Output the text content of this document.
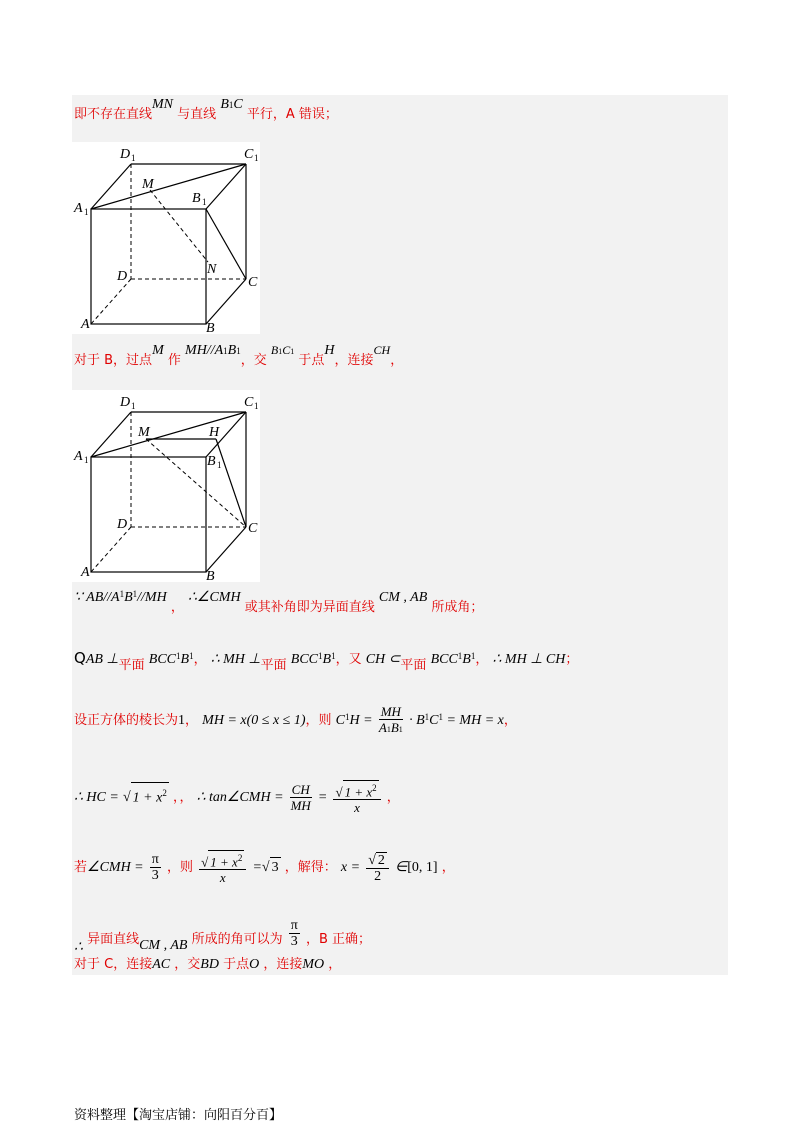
即不存在直线MN 与直线 B1C 平行，A 错误；
D 1	C 1
M
A 1
B 1
N
D	C
A	B
对于 B，过点M 作 MH//A1B1，交 B1C1 于点H，连接CH，
D 1	C 1
M	H
A 1	B 1
D	C
A	B
∵ $AB//A^1B^1//MH$ ， ∴∠CMH 或其补角即为异面直线 CM , AB 所成角；
QAB ⊥平面 $BCC^1B^1$， ∴ MH ⊥平面 $BCC^1B^1$，又 CH ⊂平面 $BCC^1B^1$， ∴ MH ⊥ CH；
设正方体的棱长为1， MH = x(0 ≤ x ≤ 1)，则 $C^1H = \frac{MH}{A1B1} \cdot B^1C^1$ = MH = x，
∴ HC = √ $1 + x^2$ ，， ∴ tan∠CMH = $\frac{CH}{MH} = \frac{√ 1 + x^2}{x}$ ，
若∠CMH = $\frac{\pi}{3}$ ，则 $\frac{√ 1 + x^2}{x}$ =√ 3 ，解得： $x = \frac{√ 2}{2}$ ∈[0, 1] ，
∴ 异面直线CM , AB 所成的角可以为 $\frac{\pi}{3}$ ，B 正确；
对于 C，连接AC ，交BD 于点O ，连接MO ，
资料整理【淘宝店铺：向阳百分百】
